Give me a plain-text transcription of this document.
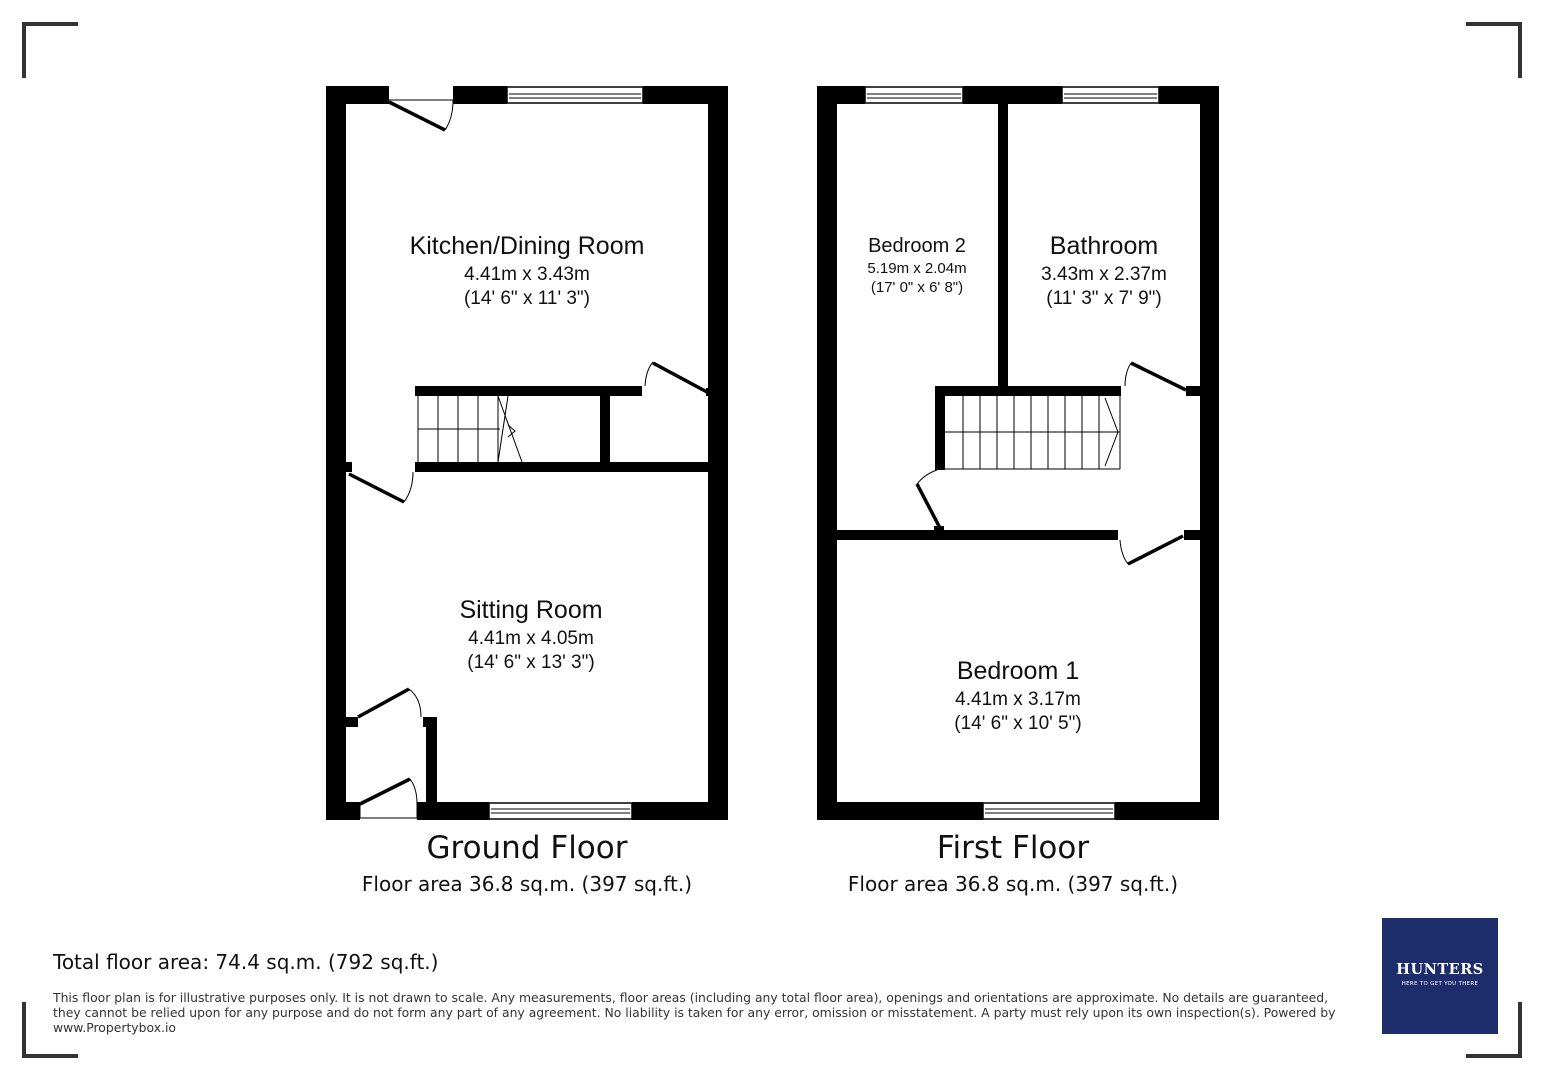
Kitchen/Dining Room
4.41m x 3.43m
(14' 6" x 11' 3")
Sitting Room
4.41m x 4.05m
(14' 6" x 13' 3")
Bedroom 2
5.19m x 2.04m
(17' 0" x 6' 8")
Bathroom
3.43m x 2.37m
(11' 3" x 7' 9")
Bedroom 1
4.41m x 3.17m
(14' 6" x 10' 5")
Ground Floor
Floor area 36.8 sq.m. (397 sq.ft.)
First Floor
Floor area 36.8 sq.m. (397 sq.ft.)
Total floor area: 74.4 sq.m. (792 sq.ft.)
This floor plan is for illustrative purposes only. It is not drawn to scale. Any measurements, floor areas (including any total floor area), openings and orientations are approximate. No details are guaranteed, they cannot be relied upon for any purpose and do not form any part of any agreement. No liability is taken for any error, omission or misstatement. A party must rely upon its own inspection(s). Powered by www.Propertybox.io
HUNTERS
HERE TO GET YOU THERE
